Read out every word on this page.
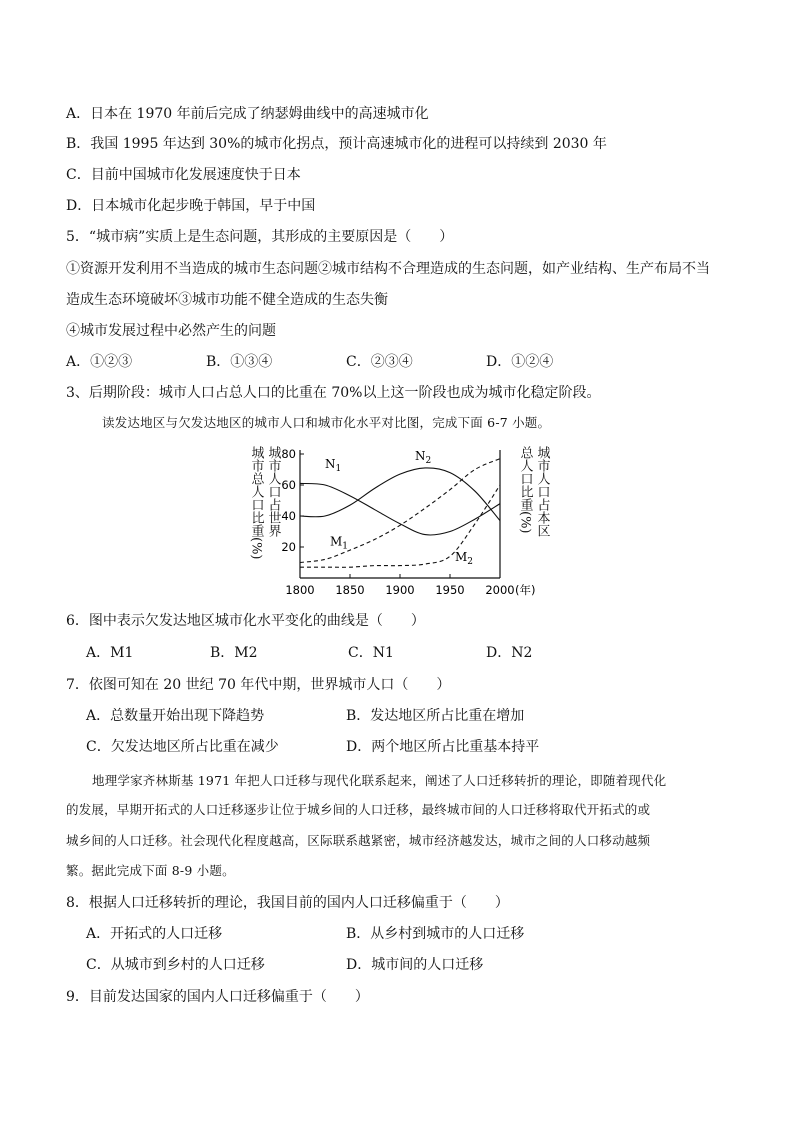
A．日本在 1970 年前后完成了纳瑟姆曲线中的高速城市化
B．我国 1995 年达到 30%的城市化拐点，预计高速城市化的进程可以持续到 2030 年
C．目前中国城市化发展速度快于日本
D．日本城市化起步晚于韩国，早于中国
5．“城市病”实质上是生态问题，其形成的主要原因是（　　）
①资源开发利用不当造成的城市生态问题②城市结构不合理造成的生态问题，如产业结构、生产布局不当
造成生态环境破坏③城市功能不健全造成的生态失衡
④城市发展过程中必然产生的问题
A．①②③	B．①③④	C．②③④	D．①②④
3、后期阶段：城市人口占总人口的比重在 70%以上这一阶段也成为城市化稳定阶段。
读发达地区与欠发达地区的城市人口和城市化水平对比图，完成下面 6-7 小题。
城市总人口比重(%) 城市人口占世界	城市人口占本区
总人口比重(%)
20
40
60
80
1800 1850 1900 1950 2000 (年)
$N_1$
$N_2$
$M_1$
$M_2$
6．图中表示欠发达地区城市化水平变化的曲线是（　　）
A．M1	B．M2	C．N1	D．N2
7．依图可知在 20 世纪 70 年代中期，世界城市人口（　　）
A．总数量开始出现下降趋势	B．发达地区所占比重在增加
C．欠发达地区所占比重在减少	D．两个地区所占比重基本持平
地理学家齐林斯基 1971 年把人口迁移与现代化联系起来，阐述了人口迁移转折的理论，即随着现代化
的发展，早期开拓式的人口迁移逐步让位于城乡间的人口迁移，最终城市间的人口迁移将取代开拓式的或
城乡间的人口迁移。社会现代化程度越高，区际联系越紧密，城市经济越发达，城市之间的人口移动越频
繁。据此完成下面 8-9 小题。
8．根据人口迁移转折的理论，我国目前的国内人口迁移偏重于（　　）
A．开拓式的人口迁移	B．从乡村到城市的人口迁移
C．从城市到乡村的人口迁移	D．城市间的人口迁移
9．目前发达国家的国内人口迁移偏重于（　　）
